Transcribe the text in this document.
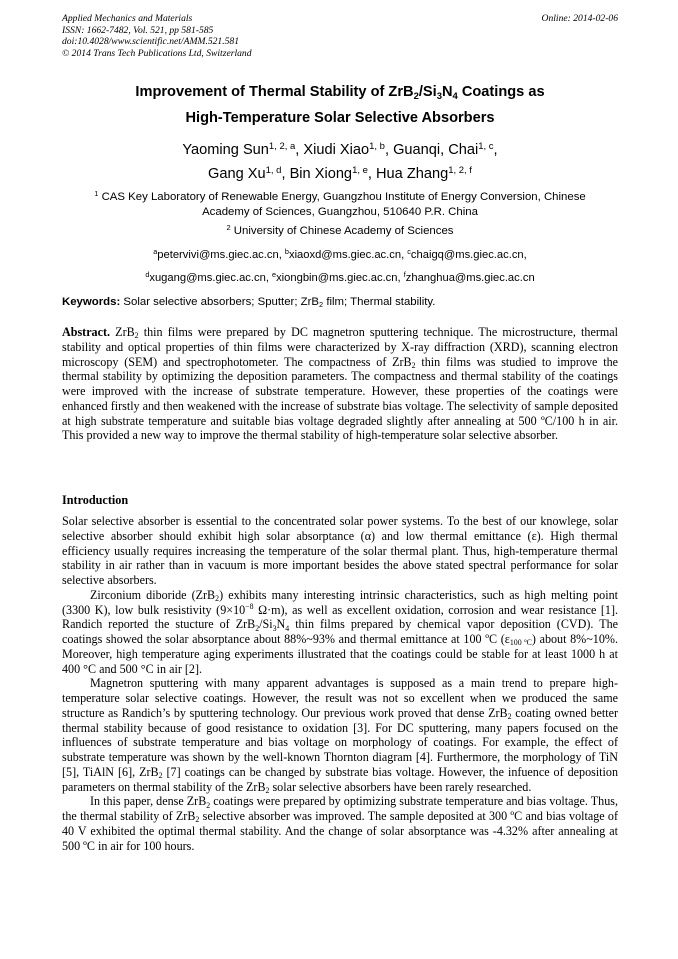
Applied Mechanics and Materials
ISSN: 1662-7482, Vol. 521, pp 581-585
doi:10.4028/www.scientific.net/AMM.521.581
© 2014 Trans Tech Publications Ltd, Switzerland
Online: 2014-02-06
Improvement of Thermal Stability of $ZrB_2/Si_3N_4$ Coatings as
High-Temperature Solar Selective Absorbers
Yaoming Sun$^{1, 2, a}$, Xiudi Xiao$^{1, b}$, Guanqi, Chai$^{1, c}$,
Gang Xu$^{1, d}$, Bin Xiong$^{1, e}$, Hua Zhang$^{1, 2, f}$
$^1$ CAS Key Laboratory of Renewable Energy, Guangzhou Institute of Energy Conversion, Chinese
Academy of Sciences, Guangzhou, 510640 P.R. China
$^2$ University of Chinese Academy of Sciences
$^a$petervivi@ms.giec.ac.cn, $^b$xiaoxd@ms.giec.ac.cn, $^c$chaigq@ms.giec.ac.cn,
$^d$xugang@ms.giec.ac.cn, $^e$xiongbin@ms.giec.ac.cn, $^f$zhanghua@ms.giec.ac.cn
Keywords: Solar selective absorbers; Sputter; ZrB$_2$ film; Thermal stability.
Abstract. ZrB$_2$ thin films were prepared by DC magnetron sputtering technique. The microstructure, thermal stability and optical properties of thin films were characterized by X-ray diffraction (XRD), scanning electron microscopy (SEM) and spectrophotometer. The compactness of ZrB$_2$ thin films was studied to improve the thermal stability by optimizing the deposition parameters. The compactness and thermal stability of the coatings were improved with the increase of substrate temperature. However, these properties of the coatings were enhanced firstly and then weakened with the increase of substrate bias voltage. The selectivity of sample deposited at high substrate temperature and suitable bias voltage degraded slightly after annealing at 500 ºC/100 h in air. This provided a new way to improve the thermal stability of high-temperature solar selective absorber.
Introduction

Solar selective absorber is essential to the concentrated solar power systems. To the best of our knowlege, solar selective absorber should exhibit high solar absorptance (α) and low thermal emittance (ε). High thermal efficiency usually requires increasing the temperature of the solar thermal plant. Thus, high-temperature thermal stability in air rather than in vacuum is more important besides the above stated spectral performance for solar selective absorbers.

Zirconium diboride (ZrB$_2$) exhibits many interesting intrinsic characteristics, such as high melting point (3300 K), low bulk resistivity ($9\times 10^{-8}$ Ω·m), as well as excellent oxidation, corrosion and wear resistance [1]. Randich reported the stucture of $ZrB_2/Si_3N_4$ thin films prepared by chemical vapor deposition (CVD). The coatings showed the solar absorptance about 88%~93% and thermal emittance at 100 ºC $(\varepsilon_{100 ºC})$ about 8%~10%. Moreover, high temperature aging experiments illustrated that the coatings could be stable for at least 1000 h at 400 °C and 500 °C in air [2].

Magnetron sputtering with many apparent advantages is supposed as a main trend to prepare high-temperature solar selective coatings. However, the result was not so excellent when we produced the same structure as Randich’s by sputtering technology. Our previous work proved that dense ZrB$_2$ coating owned better thermal stability because of good resistance to oxidation [3]. For DC sputtering, many papers focused on the influences of substrate temperature and bias voltage on morphology of coatings. For example, the effect of substrate temperature was shown by the well-known Thornton diagram [4]. Furthermore, the morphology of TiN [5], TiAlN [6], ZrB$_2$ [7] coatings can be changed by substrate bias voltage. However, the infuence of deposition parameters on thermal stability of the ZrB$_2$ solar selective absorbers have been rarely researched.

In this paper, dense ZrB$_2$ coatings were prepared by optimizing substrate temperature and bias voltage. Thus, the thermal stability of ZrB$_2$ selective absorber was improved. The sample deposited at 300 ºC and bias voltage of 40 V exhibited the optimal thermal stability. And the change of solar absorptance was -4.32% after annealing at 500 ºC in air for 100 hours.
